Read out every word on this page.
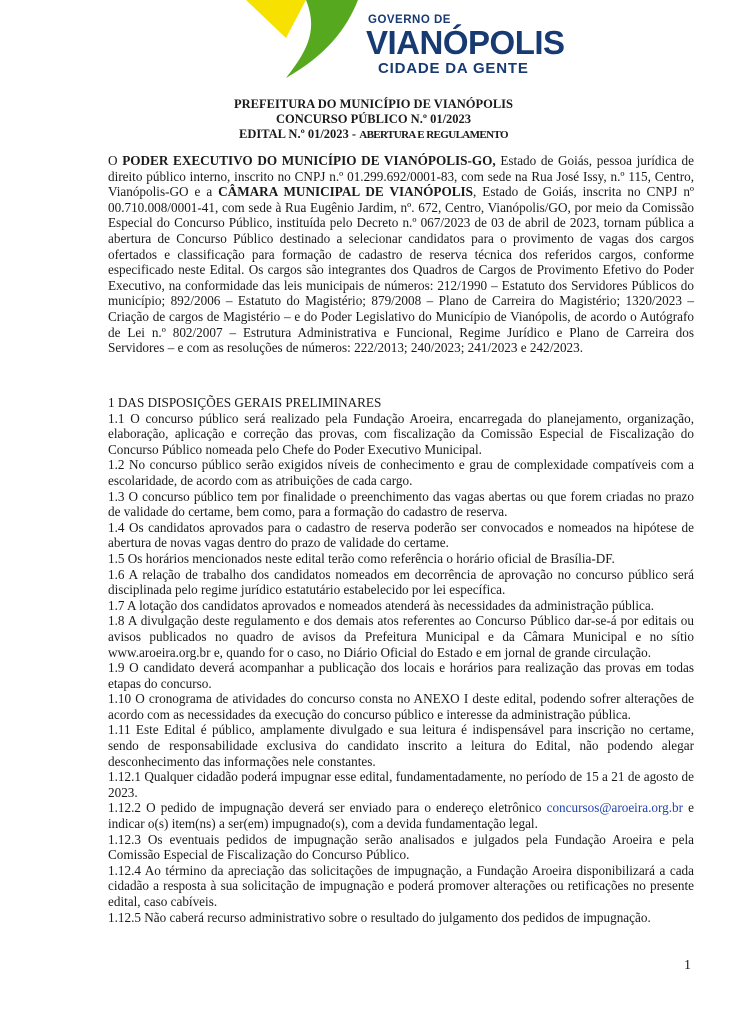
GOVERNO DE
VIANÓPOLIS
CIDADE DA GENTE
PREFEITURA DO MUNICÍPIO DE VIANÓPOLIS
CONCURSO PÚBLICO N.º 01/2023
EDITAL N.º 01/2023 - ABERTURA E REGULAMENTO
O PODER EXECUTIVO DO MUNICÍPIO DE VIANÓPOLIS-GO, Estado de Goiás, pessoa jurídica de direito público interno, inscrito no CNPJ n.º 01.299.692/0001-83, com sede na Rua José Issy, n.º 115, Centro, Vianópolis-GO e a CÂMARA MUNICIPAL DE VIANÓPOLIS, Estado de Goiás, inscrita no CNPJ nº 00.710.008/0001-41, com sede à Rua Eugênio Jardim, nº. 672, Centro, Vianópolis/GO, por meio da Comissão Especial do Concurso Público, instituída pelo Decreto n.º 067/2023 de 03 de abril de 2023, tornam pública a abertura de Concurso Público destinado a selecionar candidatos para o provimento de vagas dos cargos ofertados e classificação para formação de cadastro de reserva técnica dos referidos cargos, conforme especificado neste Edital. Os cargos são integrantes dos Quadros de Cargos de Provimento Efetivo do Poder Executivo, na conformidade das leis municipais de números: 212/1990 – Estatuto dos Servidores Públicos do município; 892/2006 – Estatuto do Magistério; 879/2008 – Plano de Carreira do Magistério; 1320/2023 – Criação de cargos de Magistério – e do Poder Legislativo do Município de Vianópolis, de acordo o Autógrafo de Lei n.º 802/2007 – Estrutura Administrativa e Funcional, Regime Jurídico e Plano de Carreira dos Servidores – e com as resoluções de números: 222/2013; 240/2023; 241/2023 e 242/2023.

1 DAS DISPOSIÇÕES GERAIS PRELIMINARES

1.1 O concurso público será realizado pela Fundação Aroeira, encarregada do planejamento, organização, elaboração, aplicação e correção das provas, com fiscalização da Comissão Especial de Fiscalização do Concurso Público nomeada pelo Chefe do Poder Executivo Municipal.

1.2 No concurso público serão exigidos níveis de conhecimento e grau de complexidade compatíveis com a escolaridade, de acordo com as atribuições de cada cargo.

1.3 O concurso público tem por finalidade o preenchimento das vagas abertas ou que forem criadas no prazo de validade do certame, bem como, para a formação do cadastro de reserva.

1.4 Os candidatos aprovados para o cadastro de reserva poderão ser convocados e nomeados na hipótese de abertura de novas vagas dentro do prazo de validade do certame.

1.5 Os horários mencionados neste edital terão como referência o horário oficial de Brasília-DF.

1.6 A relação de trabalho dos candidatos nomeados em decorrência de aprovação no concurso público será disciplinada pelo regime jurídico estatutário estabelecido por lei específica.

1.7 A lotação dos candidatos aprovados e nomeados atenderá às necessidades da administração pública.

1.8 A divulgação deste regulamento e dos demais atos referentes ao Concurso Público dar-se-á por editais ou avisos publicados no quadro de avisos da Prefeitura Municipal e da Câmara Municipal e no sítio www.aroeira.org.br e, quando for o caso, no Diário Oficial do Estado e em jornal de grande circulação.

1.9 O candidato deverá acompanhar a publicação dos locais e horários para realização das provas em todas etapas do concurso.

1.10 O cronograma de atividades do concurso consta no ANEXO I deste edital, podendo sofrer alterações de acordo com as necessidades da execução do concurso público e interesse da administração pública.

1.11 Este Edital é público, amplamente divulgado e sua leitura é indispensável para inscrição no certame, sendo de responsabilidade exclusiva do candidato inscrito a leitura do Edital, não podendo alegar desconhecimento das informações nele constantes.

1.12.1 Qualquer cidadão poderá impugnar esse edital, fundamentadamente, no período de 15 a 21 de agosto de 2023.

1.12.2 O pedido de impugnação deverá ser enviado para o endereço eletrônico concursos@aroeira.org.br e indicar o(s) item(ns) a ser(em) impugnado(s), com a devida fundamentação legal.

1.12.3 Os eventuais pedidos de impugnação serão analisados e julgados pela Fundação Aroeira e pela Comissão Especial de Fiscalização do Concurso Público.

1.12.4 Ao término da apreciação das solicitações de impugnação, a Fundação Aroeira disponibilizará a cada cidadão a resposta à sua solicitação de impugnação e poderá promover alterações ou retificações no presente edital, caso cabíveis.

1.12.5 Não caberá recurso administrativo sobre o resultado do julgamento dos pedidos de impugnação.

1
